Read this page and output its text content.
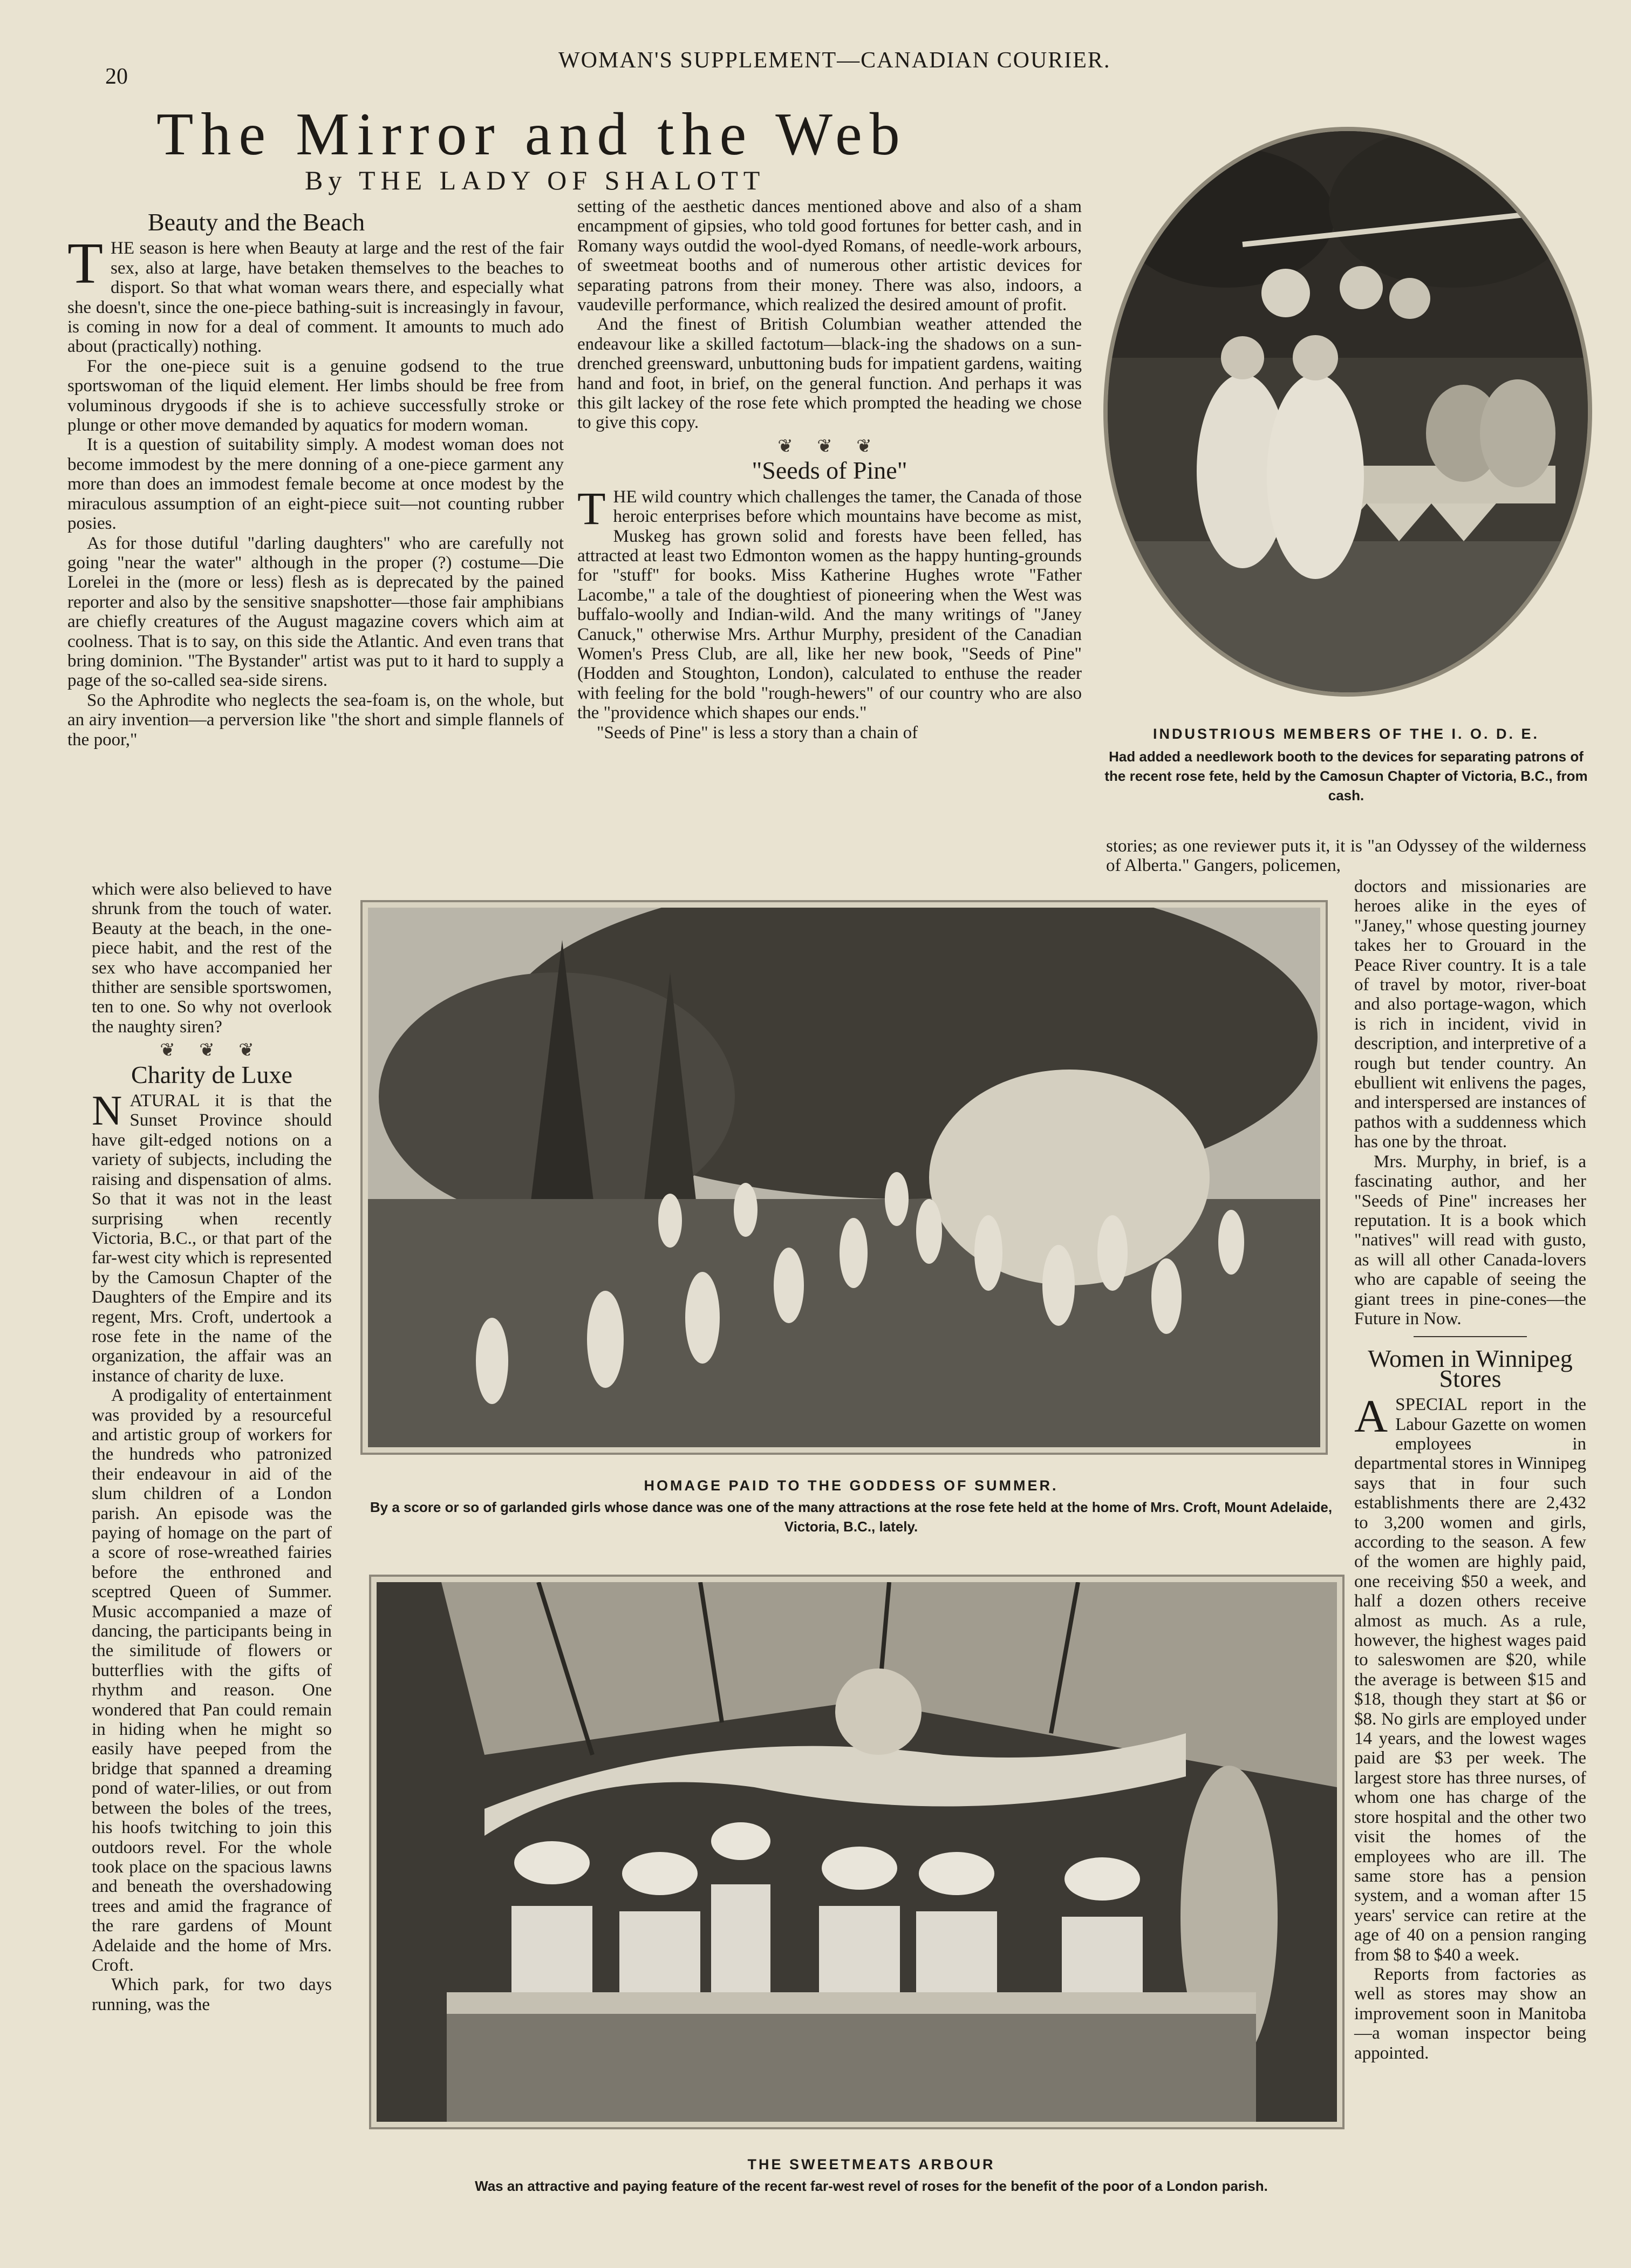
20
WOMAN'S SUPPLEMENT—CANADIAN COURIER.
The Mirror and the Web
By THE LADY OF SHALOTT
Beauty and the Beach

THE season is here when Beauty at large and the rest of the fair sex, also at large, have betaken themselves to the beaches to disport. So that what woman wears there, and especially what she doesn't, since the one-piece bathing-suit is increasingly in favour, is coming in now for a deal of comment. It amounts to much ado about (practically) nothing.

For the one-piece suit is a genuine godsend to the true sportswoman of the liquid element. Her limbs should be free from voluminous drygoods if she is to achieve successfully stroke or plunge or other move demanded by aquatics for modern woman.

It is a question of suitability simply. A modest woman does not become immodest by the mere donning of a one-piece garment any more than does an immodest female become at once modest by the miraculous assumption of an eight-piece suit—not counting rubber posies.

As for those dutiful "darling daughters" who are carefully not going "near the water" although in the proper (?) costume—Die Lorelei in the (more or less) flesh as is deprecated by the pained reporter and also by the sensitive snapshotter—those fair amphibians are chiefly creatures of the August magazine covers which aim at coolness. That is to say, on this side the Atlantic. And even trans that bring dominion. "The Bystander" artist was put to it hard to supply a page of the so-called sea-side sirens.

So the Aphrodite who neglects the sea-foam is, on the whole, but an airy invention—a perversion like "the short and simple flannels of the poor,"

which were also believed to have shrunk from the touch of water. Beauty at the beach, in the one-piece habit, and the rest of the sex who have accompanied her thither are sensible sportswomen, ten to one. So why not overlook the naughty siren?

❦ ❦ ❦
Charity de Luxe

NATURAL it is that the Sunset Province should have gilt-edged notions on a variety of subjects, including the raising and dispensation of alms. So that it was not in the least surprising when recently Victoria, B.C., or that part of the far-west city which is represented by the Camosun Chapter of the Daughters of the Empire and its regent, Mrs. Croft, undertook a rose fete in the name of the organization, the affair was an instance of charity de luxe.

A prodigality of entertainment was provided by a resourceful and artistic group of workers for the hundreds who patronized their endeavour in aid of the slum children of a London parish. An episode was the paying of homage on the part of a score of rose-wreathed fairies before the enthroned and sceptred Queen of Summer. Music accompanied a maze of dancing, the participants being in the similitude of flowers or butterflies with the gifts of rhythm and reason. One wondered that Pan could remain in hiding when he might so easily have peeped from the bridge that spanned a dreaming pond of water-lilies, or out from between the boles of the trees, his hoofs twitching to join this outdoors revel. For the whole took place on the spacious lawns and beneath the overshadowing trees and amid the fragrance of the rare gardens of Mount Adelaide and the home of Mrs. Croft.

Which park, for two days running, was the

setting of the aesthetic dances mentioned above and also of a sham encampment of gipsies, who told good fortunes for better cash, and in Romany ways outdid the wool-dyed Romans, of needle-work arbours, of sweetmeat booths and of numerous other artistic devices for separating patrons from their money. There was also, indoors, a vaudeville performance, which realized the desired amount of profit.

And the finest of British Columbian weather attended the endeavour like a skilled factotum—black-ing the shadows on a sun-drenched greensward, unbuttoning buds for impatient gardens, waiting hand and foot, in brief, on the general function. And perhaps it was this gilt lackey of the rose fete which prompted the heading we chose to give this copy.

❦ ❦ ❦
"Seeds of Pine"

THE wild country which challenges the tamer, the Canada of those heroic enterprises before which mountains have become as mist, Muskeg has grown solid and forests have been felled, has attracted at least two Edmonton women as the happy hunting-grounds for "stuff" for books. Miss Katherine Hughes wrote "Father Lacombe," a tale of the doughtiest of pioneering when the West was buffalo-woolly and Indian-wild. And the many writings of "Janey Canuck," otherwise Mrs. Arthur Murphy, president of the Canadian Women's Press Club, are all, like her new book, "Seeds of Pine" (Hodden and Stoughton, London), calculated to enthuse the reader with feeling for the bold "rough-hewers" of our country who are also the "providence which shapes our ends."

"Seeds of Pine" is less a story than a chain of	INDUSTRIOUS MEMBERS OF THE I. O. D. E.
Had added a needlework booth to the devices for separating patrons of the recent rose fete, held by the Camosun Chapter of Victoria, B.C., from cash.

stories; as one reviewer puts it, it is "an Odyssey of the wilderness of Alberta." Gangers, policemen,

doctors and missionaries are heroes alike in the eyes of "Janey," whose questing journey takes her to Grouard in the Peace River country. It is a tale of travel by motor, river-boat and also portage-wagon, which is rich in incident, vivid in description, and interpretive of a rough but tender country. An ebullient wit enlivens the pages, and interspersed are instances of pathos with a suddenness which has one by the throat.

Mrs. Murphy, in brief, is a fascinating author, and her "Seeds of Pine" increases her reputation. It is a book which "natives" will read with gusto, as will all other Canada-lovers who are capable of seeing the giant trees in pine-cones—the Future in Now.

Women in Winnipeg Stores

ASPECIAL report in the Labour Gazette on women employees in departmental stores in Winnipeg says that in four such establishments there are 2,432 to 3,200 women and girls, according to the season. A few of the women are highly paid, one receiving $50 a week, and half a dozen others receive almost as much. As a rule, however, the highest wages paid to saleswomen are $20, while the average is between $15 and $18, though they start at $6 or $8. No girls are employed under 14 years, and the lowest wages paid are $3 per week. The largest store has three nurses, of whom one has charge of the store hospital and the other two visit the homes of the employees who are ill. The same store has a pension system, and a woman after 15 years' service can retire at the age of 40 on a pension ranging from $8 to $40 a week.

Reports from factories as well as stores may show an improvement soon in Manitoba—a woman inspector being appointed.

HOMAGE PAID TO THE GODDESS OF SUMMER.
By a score or so of garlanded girls whose dance was one of the many attractions at the rose fete held at the home of Mrs. Croft, Mount Adelaide, Victoria, B.C., lately.
THE SWEETMEATS ARBOUR
Was an attractive and paying feature of the recent far-west revel of roses for the benefit of the poor of a London parish.
